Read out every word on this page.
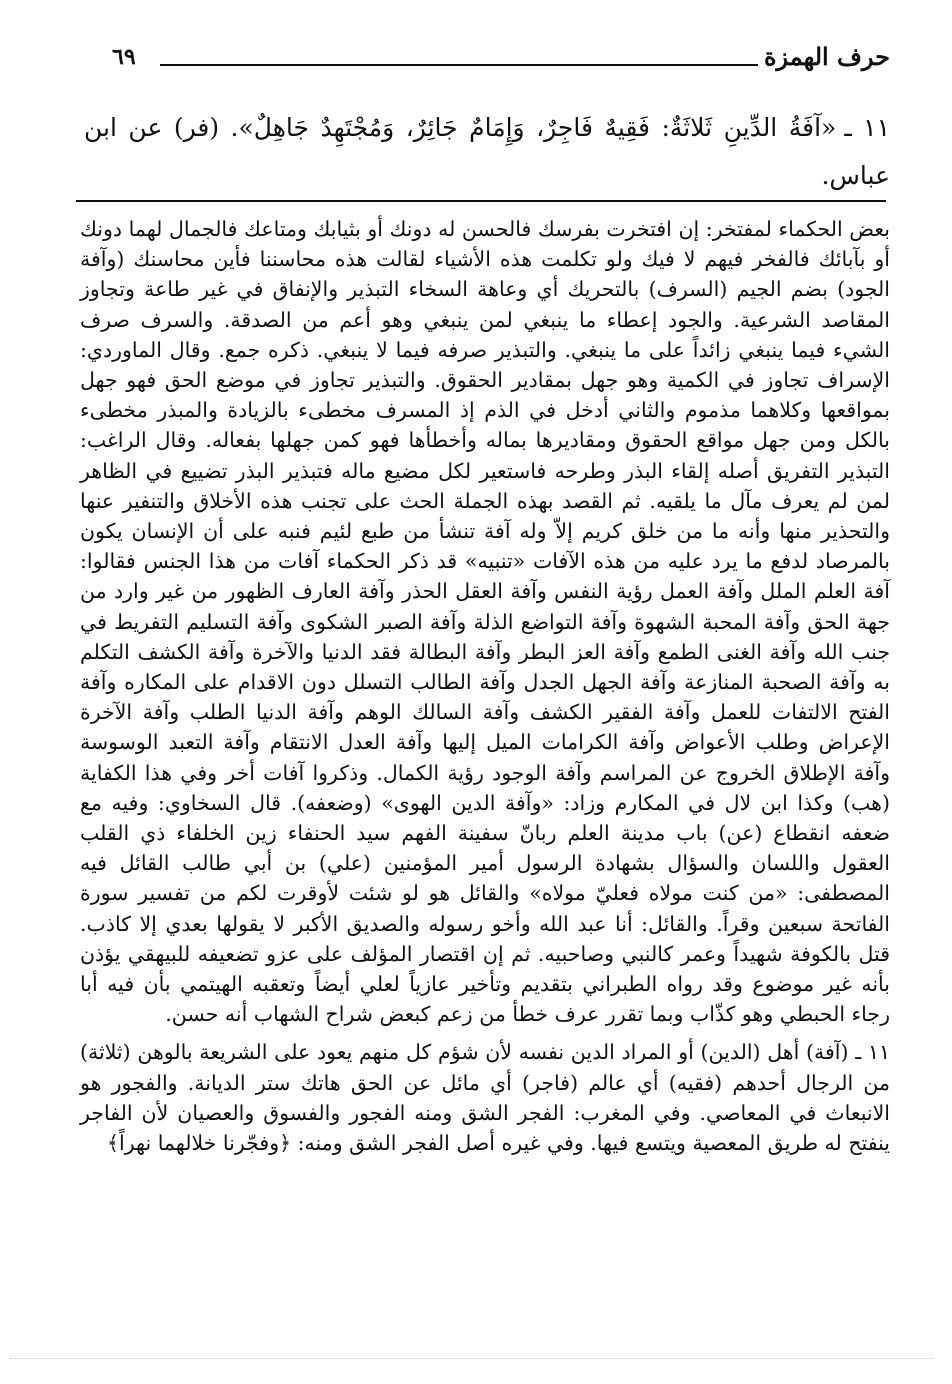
حرف الهمزة
٦٩
١١ ـ«آفَةُ الدِّينِ ثَلاثَةٌ: فَقِيهٌ فَاجِرٌ، وَإِمَامٌ جَائِرٌ، وَمُجْتَهِدٌ جَاهِلٌ». (فر) عن ابن عباس.

بعض الحكماء لمفتخر: إن افتخرت بفرسك فالحسن له دونك أو بثيابك ومتاعك فالجمال لهما دونك أو بآبائك فالفخر فيهم لا فيك ولو تكلمت هذه الأشياء لقالت هذه محاسننا فأين محاسنك (وآفة الجود) بضم الجيم (السرف) بالتحريك أي وعاهة السخاء التبذير والإنفاق في غير طاعة وتجاوز المقاصد الشرعية. والجود إعطاء ما ينبغي لمن ينبغي وهو أعم من الصدقة. والسرف صرف الشيء فيما ينبغي زائداً على ما ينبغي. والتبذير صرفه فيما لا ينبغي. ذكره جمع. وقال الماوردي: الإسراف تجاوز في الكمية وهو جهل بمقادير الحقوق. والتبذير تجاوز في موضع الحق فهو جهل بمواقعها وكلاهما مذموم والثاني أدخل في الذم إذ المسرف مخطىء بالزيادة والمبذر مخطىء بالكل ومن جهل مواقع الحقوق ومقاديرها بماله وأخطأها فهو كمن جهلها بفعاله. وقال الراغب: التبذير التفريق أصله إلقاء البذر وطرحه فاستعير لكل مضيع ماله فتبذير البذر تضييع في الظاهر لمن لم يعرف مآل ما يلقيه. ثم القصد بهذه الجملة الحث على تجنب هذه الأخلاق والتنفير عنها والتحذير منها وأنه ما من خلق كريم إلاّ وله آفة تنشأ من طبع لئيم فنبه على أن الإنسان يكون بالمرصاد لدفع ما يرد عليه من هذه الآفات «تنبيه» قد ذكر الحكماء آفات من هذا الجنس فقالوا: آفة العلم الملل وآفة العمل رؤية النفس وآفة العقل الحذر وآفة العارف الظهور من غير وارد من جهة الحق وآفة المحبة الشهوة وآفة التواضع الذلة وآفة الصبر الشكوى وآفة التسليم التفريط في جنب الله وآفة الغنى الطمع وآفة العز البطر وآفة البطالة فقد الدنيا والآخرة وآفة الكشف التكلم به وآفة الصحبة المنازعة وآفة الجهل الجدل وآفة الطالب التسلل دون الاقدام على المكاره وآفة الفتح الالتفات للعمل وآفة الفقير الكشف وآفة السالك الوهم وآفة الدنيا الطلب وآفة الآخرة الإعراض وطلب الأعواض وآفة الكرامات الميل إليها وآفة العدل الانتقام وآفة التعبد الوسوسة وآفة الإطلاق الخروج عن المراسم وآفة الوجود رؤية الكمال. وذكروا آفات أخر وفي هذا الكفاية (هب) وكذا ابن لال في المكارم وزاد: «وآفة الدين الهوى» (وضعفه). قال السخاوي: وفيه مع ضعفه انقطاع (عن) باب مدينة العلم ربانّ سفينة الفهم سيد الحنفاء زين الخلفاء ذي القلب العقول واللسان والسؤال بشهادة الرسول أمير المؤمنين (علي) بن أبي طالب القائل فيه المصطفى: «من كنت مولاه فعليّ مولاه» والقائل هو لو شئت لأوقرت لكم من تفسير سورة الفاتحة سبعين وقراً. والقائل: أنا عبد الله وأخو رسوله والصديق الأكبر لا يقولها بعدي إلا كاذب. قتل بالكوفة شهيداً وعمر كالنبي وصاحبيه. ثم إن اقتصار المؤلف على عزو تضعيفه للبيهقي يؤذن بأنه غير موضوع وقد رواه الطبراني بتقديم وتأخير عازياً لعلي أيضاً وتعقبه الهيتمي بأن فيه أبا رجاء الحبطي وهو كذّاب وبما تقرر عرف خطأ من زعم كبعض شراح الشهاب أنه حسن.

١١ ـ (آفة) أهل (الدين) أو المراد الدين نفسه لأن شؤم كل منهم يعود على الشريعة بالوهن (ثلاثة) من الرجال أحدهم (فقيه) أي عالم (فاجر) أي مائل عن الحق هاتك ستر الديانة. والفجور هو الانبعاث في المعاصي. وفي المغرب: الفجر الشق ومنه الفجور والفسوق والعصيان لأن الفاجر ينفتح له طريق المعصية ويتسع فيها. وفي غيره أصل الفجر الشق ومنه: ﴿وفجّرنا خلالهما نهراً﴾
